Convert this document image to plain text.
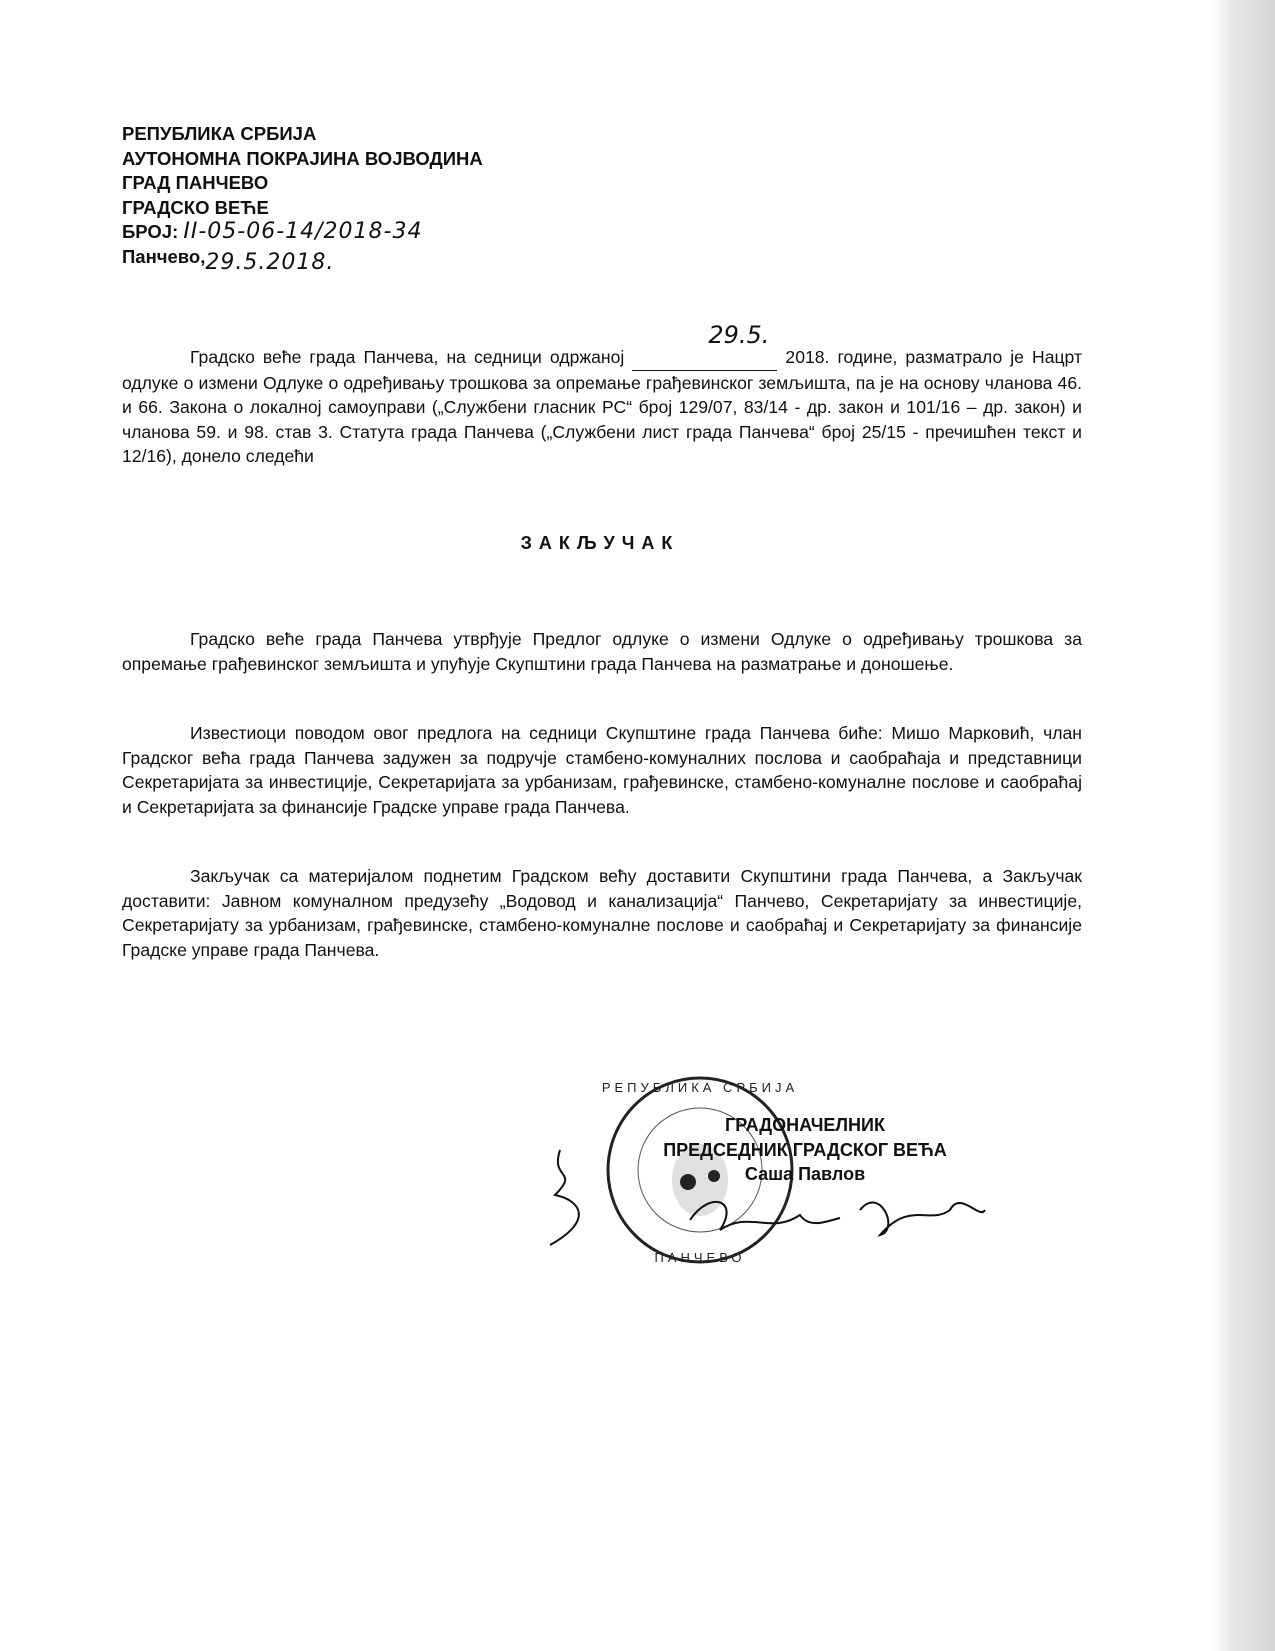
РЕПУБЛИКА СРБИЈА
АУТОНОМНА ПОКРАЈИНА ВОЈВОДИНА
ГРАД ПАНЧЕВО
ГРАДСКО ВЕЋЕ
БРОЈ: II-05-06-14/2018-34
Панчево,29.5.2018.

Градско веће града Панчева, на седници одржаној
29.5.
2018. године, разматрало је Нацрт одлуке о измени Одлуке о одређивању трошкова за опремање грађевинског земљишта, па је на основу чланова 46. и 66. Закона о локалној самоуправи („Службени гласник РС“ број 129/07, 83/14 - др. закон и 101/16 – др. закон) и чланова 59. и 98. став 3. Статута града Панчева („Службени лист града Панчева“ број 25/15 - пречишћен текст и 12/16), донело следећи

ЗАКЉУЧАК

Градско веће града Панчева утврђује Предлог одлуке о измени Одлуке о одређивању трошкова за опремање грађевинског земљишта и упућује Скупштини града Панчева на разматрање и доношење.

Известиоци поводом овог предлога на седници Скупштине града Панчева биће: Мишо Марковић, члан Градског већа града Панчева задужен за подручје стамбено-комуналних послова и саобраћаја и представници Секретаријата за инвестиције, Секретаријата за урбанизам, грађевинске, стамбено-комуналне послове и саобраћај и Секретаријата за финансије Градске управе града Панчева.

Закључак са материјалом поднетим Градском већу доставити Скупштини града Панчева, а Закључак доставити: Јавном комуналном предузећу „Водовод и канализација“ Панчево, Секретаријату за инвестиције, Секретаријату за урбанизам, грађевинске, стамбено-комуналне послове и саобраћај и Секретаријату за финансије Градске управе града Панчева.

ПАНЧЕВО
РЕПУБЛИКА СРБИЈА
ГРАДОНАЧЕЛНИК
ПРЕДСЕДНИК ГРАДСКОГ ВЕЋА
Саша Павлов
